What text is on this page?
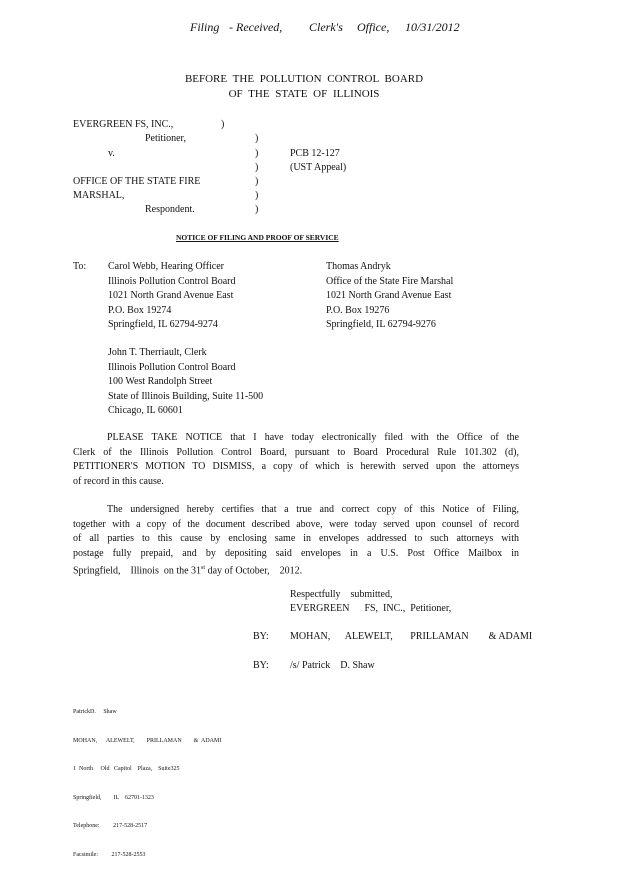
Filing - Received, Clerk's Office, 10/31/2012
BEFORE THE POLLUTION CONTROL BOARD
OF THE STATE OF ILLINOIS
EVERGREEN FS, INC.,
Petitioner,
v.
OFFICE OF THE STATE FIRE
MARSHAL,
Respondent.
)
)
)
)
)
)
)
PCB 12-127
(UST Appeal)
NOTICE OF FILING AND PROOF OF SERVICE
To: Carol Webb, Hearing Officer
Illinois Pollution Control Board
1021 North Grand Avenue East
P.O. Box 19274
Springfield, IL 62794-9274
Thomas Andryk
Office of the State Fire Marshal
1021 North Grand Avenue East
P.O. Box 19276
Springfield, IL 62794-9276
John T. Therriault, Clerk
Illinois Pollution Control Board
100 West Randolph Street
State of Illinois Building, Suite 11-500
Chicago, IL 60601
PLEASE TAKE NOTICE that I have today electronically filed with the Office of the
Clerk of the Illinois Pollution Control Board, pursuant to Board Procedural Rule 101.302 (d),
PETITIONER'S MOTION TO DISMISS, a copy of which is herewith served upon the attorneys
of record in this cause.
The undersigned hereby certifies that a true and correct copy of this Notice of Filing,
together with a copy of the document described above, were today served upon counsel of record
of all parties to this cause by enclosing same in envelopes addressed to such attorneys with
postage fully prepaid, and by depositing said envelopes in a U.S. Post Office Mailbox in
Springfield,    Illinois  on the 31st day of October,    2012.
Respectfully    submitted,
EVERGREEN      FS,  INC.,  Petitioner,
BY: MOHAN,      ALEWELT,       PRILLAMAN        & ADAMI
BY: /s/ Patrick    D. Shaw

PatrickD.     Shaw

MOHAN,      ALEWELT,        PRILLAMAN        &  ADAMI

1  North     Old   Capitol    Plaza,    Suite325

Springfield,        IL    62701-1323

Telephone:         217-528-2517

Facsimile:         217-528-2553
